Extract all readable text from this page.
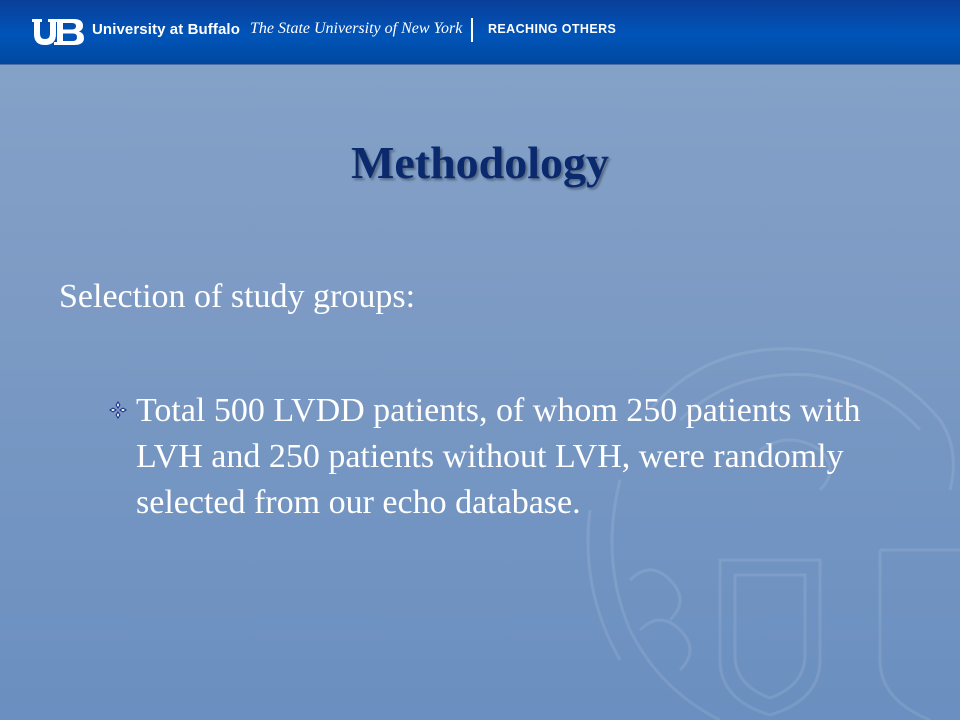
University at Buffalo The State University of New York REACHING OTHERS
Methodology
Selection of study groups:
Total 500 LVDD patients, of whom 250 patients with LVH and 250 patients without LVH, were randomly selected from our echo database.
